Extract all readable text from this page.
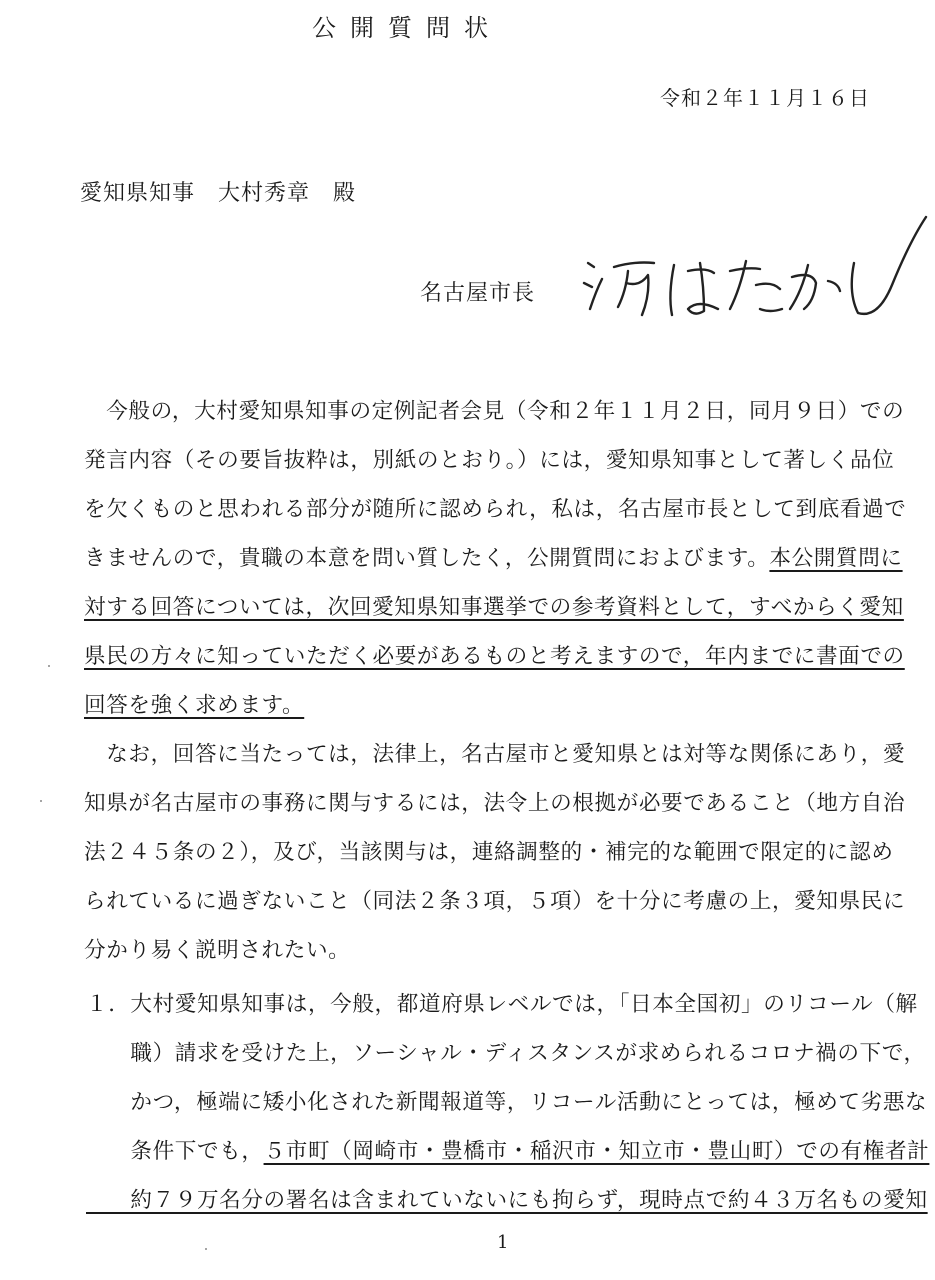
公開質問状
令和２年１１月１６日
愛知県知事　大村秀章　殿
名古屋市長
　今般の，大村愛知県知事の定例記者会見（令和２年１１月２日，同月９日）での
発言内容（その要旨抜粋は，別紙のとおり。）には，愛知県知事として著しく品位
を欠くものと思われる部分が随所に認められ，私は，名古屋市長として到底看過で
きませんので，貴職の本意を問い質したく，公開質問におよびます。本公開質問に
対する回答については，次回愛知県知事選挙での参考資料として，すべからく愛知
県民の方々に知っていただく必要があるものと考えますので，年内までに書面での
回答を強く求めます。
　なお，回答に当たっては，法律上，名古屋市と愛知県とは対等な関係にあり，愛
知県が名古屋市の事務に関与するには，法令上の根拠が必要であること（地方自治
法２４５条の２），及び，当該関与は，連絡調整的・補完的な範囲で限定的に認め
られているに過ぎないこと（同法２条３項，５項）を十分に考慮の上，愛知県民に
分かり易く説明されたい。
１．大村愛知県知事は，今般，都道府県レベルでは，「日本全国初」のリコール（解
　　職）請求を受けた上，ソーシャル・ディスタンスが求められるコロナ禍の下で，
　　かつ，極端に矮小化された新聞報道等，リコール活動にとっては，極めて劣悪な
　　条件下でも，５市町（岡崎市・豊橋市・稲沢市・知立市・豊山町）での有権者計
　　約７９万名分の署名は含まれていないにも拘らず，現時点で約４３万名もの愛知
1
